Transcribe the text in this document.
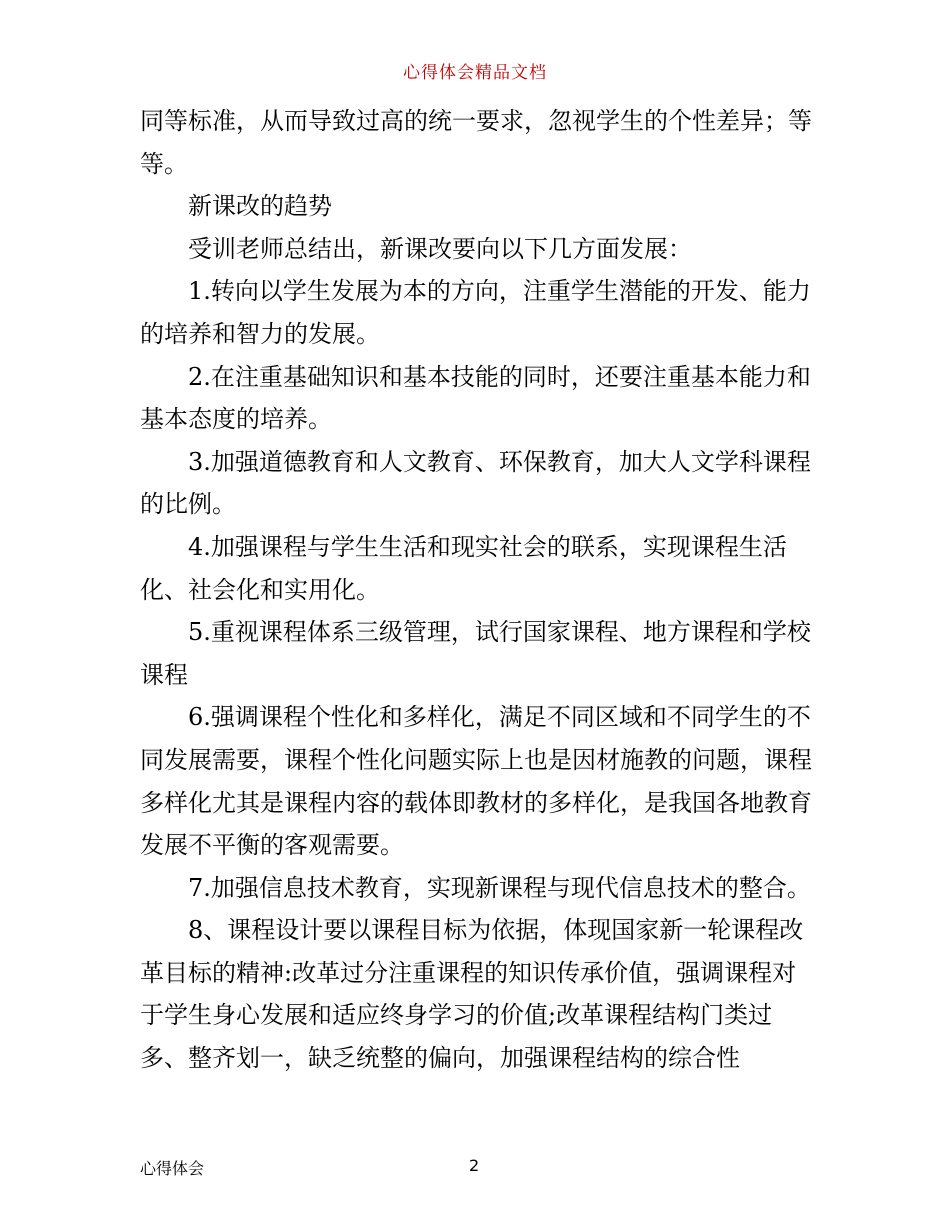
心得体会精品文档

同等标准，从而导致过高的统一要求，忽视学生的个性差异；等等。

新课改的趋势

受训老师总结出，新课改要向以下几方面发展：

1.转向以学生发展为本的方向，注重学生潜能的开发、能力的培养和智力的发展。

2.在注重基础知识和基本技能的同时，还要注重基本能力和基本态度的培养。

3.加强道德教育和人文教育、环保教育，加大人文学科课程的比例。

4.加强课程与学生生活和现实社会的联系，实现课程生活化、社会化和实用化。

5.重视课程体系三级管理，试行国家课程、地方课程和学校课程

6.强调课程个性化和多样化，满足不同区域和不同学生的不同发展需要，课程个性化问题实际上也是因材施教的问题，课程多样化尤其是课程内容的载体即教材的多样化，是我国各地教育发展不平衡的客观需要。

7.加强信息技术教育，实现新课程与现代信息技术的整合。

8、课程设计要以课程目标为依据，体现国家新一轮课程改革目标的精神:改革过分注重课程的知识传承价值，强调课程对于学生身心发展和适应终身学习的价值;改革课程结构门类过多、整齐划一，缺乏统整的偏向，加强课程结构的综合性

心得体会	2
